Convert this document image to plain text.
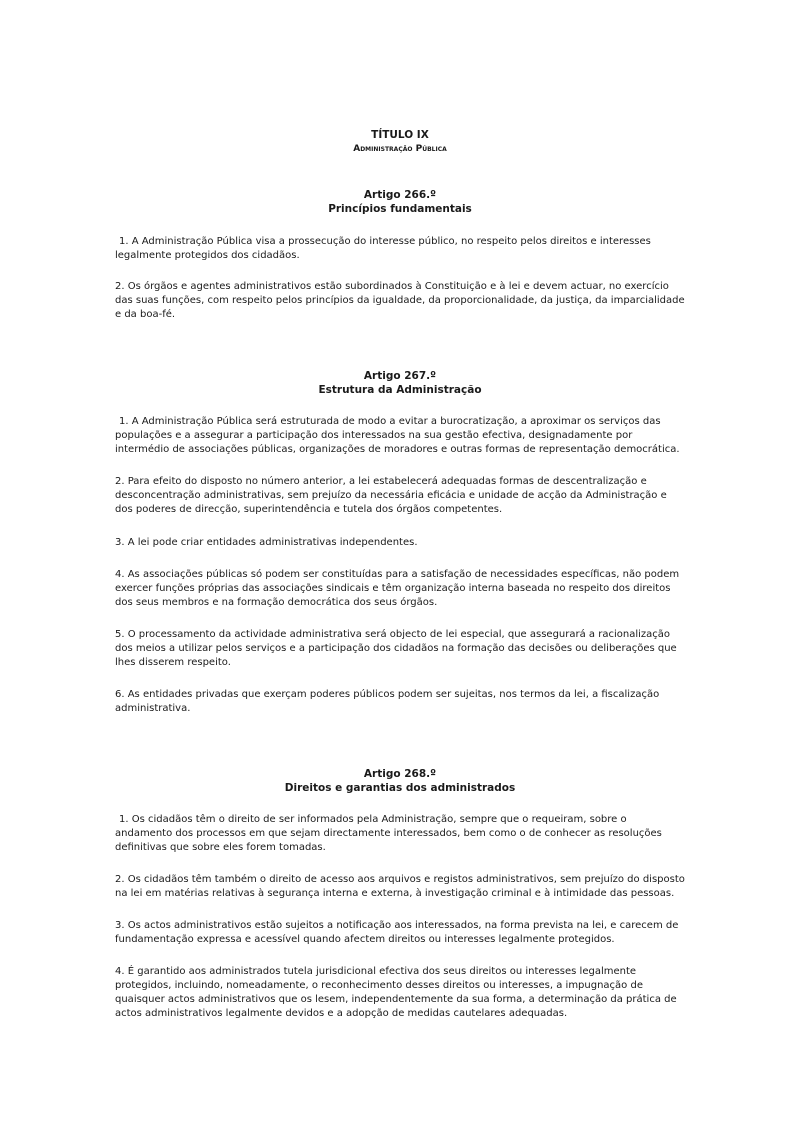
TÍTULO IX
Administração Pública
Artigo 266.º
Princípios fundamentais

1. A Administração Pública visa a prossecução do interesse público, no respeito pelos direitos e interesses legalmente protegidos dos cidadãos.

2. Os órgãos e agentes administrativos estão subordinados à Constituição e à lei e devem actuar, no exercício das suas funções, com respeito pelos princípios da igualdade, da proporcionalidade, da justiça, da imparcialidade e da boa-fé.

Artigo 267.º
Estrutura da Administração

1. A Administração Pública será estruturada de modo a evitar a burocratização, a aproximar os serviços das populações e a assegurar a participação dos interessados na sua gestão efectiva, designadamente por intermédio de associações públicas, organizações de moradores e outras formas de representação democrática.

2. Para efeito do disposto no número anterior, a lei estabelecerá adequadas formas de descentralização e desconcentração administrativas, sem prejuízo da necessária eficácia e unidade de acção da Administração e dos poderes de direcção, superintendência e tutela dos órgãos competentes.

3. A lei pode criar entidades administrativas independentes.

4. As associações públicas só podem ser constituídas para a satisfação de necessidades específicas, não podem exercer funções próprias das associações sindicais e têm organização interna baseada no respeito dos direitos dos seus membros e na formação democrática dos seus órgãos.

5. O processamento da actividade administrativa será objecto de lei especial, que assegurará a racionalização dos meios a utilizar pelos serviços e a participação dos cidadãos na formação das decisões ou deliberações que lhes disserem respeito.

6. As entidades privadas que exerçam poderes públicos podem ser sujeitas, nos termos da lei, a fiscalização administrativa.

Artigo 268.º
Direitos e garantias dos administrados

1. Os cidadãos têm o direito de ser informados pela Administração, sempre que o requeiram, sobre o andamento dos processos em que sejam directamente interessados, bem como o de conhecer as resoluções definitivas que sobre eles forem tomadas.

2. Os cidadãos têm também o direito de acesso aos arquivos e registos administrativos, sem prejuízo do disposto na lei em matérias relativas à segurança interna e externa, à investigação criminal e à intimidade das pessoas.

3. Os actos administrativos estão sujeitos a notificação aos interessados, na forma prevista na lei, e carecem de fundamentação expressa e acessível quando afectem direitos ou interesses legalmente protegidos.

4. É garantido aos administrados tutela jurisdicional efectiva dos seus direitos ou interesses legalmente protegidos, incluindo, nomeadamente, o reconhecimento desses direitos ou interesses, a impugnação de quaisquer actos administrativos que os lesem, independentemente da sua forma, a determinação da prática de actos administrativos legalmente devidos e a adopção de medidas cautelares adequadas.
